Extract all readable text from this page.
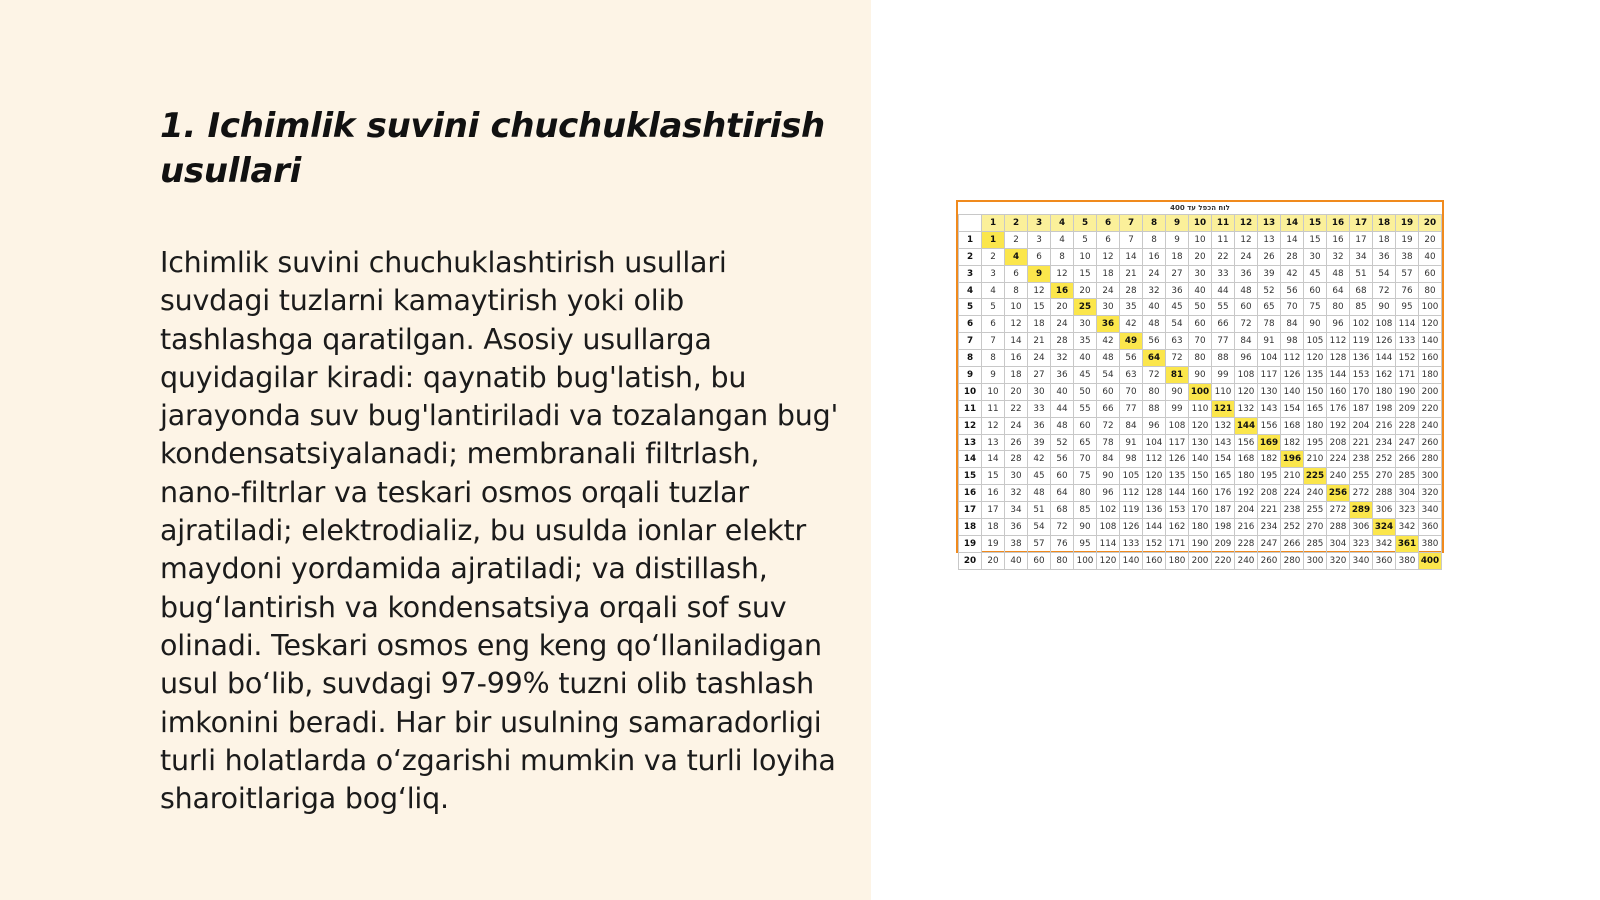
1. Ichimlik suvini chuchuklashtirish usullari

Ichimlik suvini chuchuklashtirish usullari suvdagi tuzlarni kamaytirish yoki olib tashlashga qaratilgan. Asosiy usullarga quyidagilar kiradi: qaynatib bug'latish, bu jarayonda suv bug'lantiriladi va tozalangan bug' kondensatsiyalanadi; membranali filtrlash, nano-filtrlar va teskari osmos orqali tuzlar ajratiladi; elektrodializ, bu usulda ionlar elektr maydoni yordamida ajratiladi; va distillash, bug‘lantirish va kondensatsiya orqali sof suv olinadi. Teskari osmos eng keng qo‘llaniladigan usul bo‘lib, suvdagi 97-99% tuzni olib tashlash imkonini beradi. Har bir usulning samaradorligi turli holatlarda o‘zgarishi mumkin va turli loyiha sharoitlariga bog‘liq.

לוח הכפל עד 400
	1	2	3	4	5	6	7	8	9	10	11	12	13	14	15	16	17	18	19	20
1	1	2	3	4	5	6	7	8	9	10	11	12	13	14	15	16	17	18	19	20
2	2	4	6	8	10	12	14	16	18	20	22	24	26	28	30	32	34	36	38	40
3	3	6	9	12	15	18	21	24	27	30	33	36	39	42	45	48	51	54	57	60
4	4	8	12	16	20	24	28	32	36	40	44	48	52	56	60	64	68	72	76	80
5	5	10	15	20	25	30	35	40	45	50	55	60	65	70	75	80	85	90	95	100
6	6	12	18	24	30	36	42	48	54	60	66	72	78	84	90	96	102	108	114	120
7	7	14	21	28	35	42	49	56	63	70	77	84	91	98	105	112	119	126	133	140
8	8	16	24	32	40	48	56	64	72	80	88	96	104	112	120	128	136	144	152	160
9	9	18	27	36	45	54	63	72	81	90	99	108	117	126	135	144	153	162	171	180
10	10	20	30	40	50	60	70	80	90	100	110	120	130	140	150	160	170	180	190	200
11	11	22	33	44	55	66	77	88	99	110	121	132	143	154	165	176	187	198	209	220
12	12	24	36	48	60	72	84	96	108	120	132	144	156	168	180	192	204	216	228	240
13	13	26	39	52	65	78	91	104	117	130	143	156	169	182	195	208	221	234	247	260
14	14	28	42	56	70	84	98	112	126	140	154	168	182	196	210	224	238	252	266	280
15	15	30	45	60	75	90	105	120	135	150	165	180	195	210	225	240	255	270	285	300
16	16	32	48	64	80	96	112	128	144	160	176	192	208	224	240	256	272	288	304	320
17	17	34	51	68	85	102	119	136	153	170	187	204	221	238	255	272	289	306	323	340
18	18	36	54	72	90	108	126	144	162	180	198	216	234	252	270	288	306	324	342	360
19	19	38	57	76	95	114	133	152	171	190	209	228	247	266	285	304	323	342	361	380
20	20	40	60	80	100	120	140	160	180	200	220	240	260	280	300	320	340	360	380	400
